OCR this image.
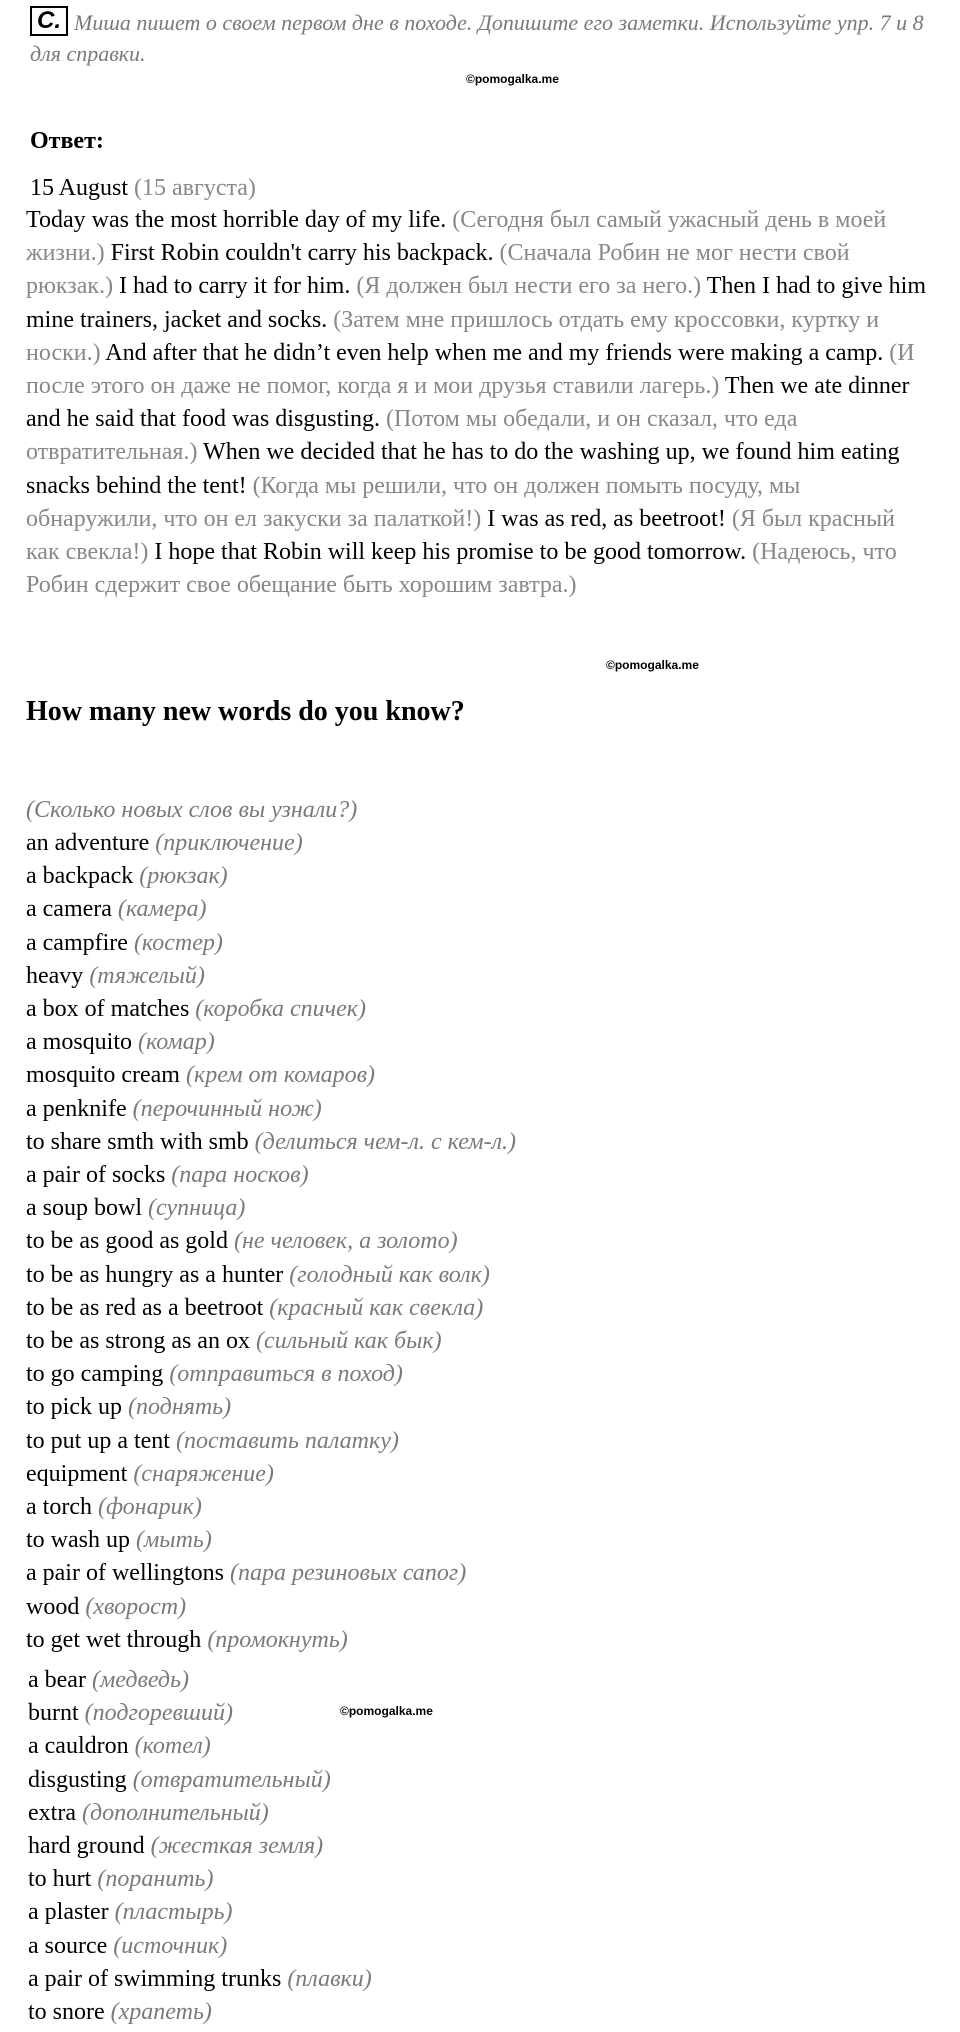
C. Миша пишет о своем первом дне в походе. Допишите его заметки. Используйте упр. 7 и 8 для справки.
©pomogalka.me
Ответ:
15 August (15 августа)
Today was the most horrible day of my life. (Сегодня был самый ужасный день в моей жизни.) First Robin couldn't carry his backpack. (Сначала Робин не мог нести свой рюкзак.) I had to carry it for him. (Я должен был нести его за него.) Then I had to give him mine trainers, jacket and socks. (Затем мне пришлось отдать ему кроссовки, куртку и носки.) And after that he didn’t even help when me and my friends were making a camp. (И после этого он даже не помог, когда я и мои друзья ставили лагерь.) Then we ate dinner and he said that food was disgusting. (Потом мы обедали, и он сказал, что еда отвратительная.) When we decided that he has to do the washing up, we found him eating snacks behind the tent! (Когда мы решили, что он должен помыть посуду, мы обнаружили, что он ел закуски за палаткой!) I was as red, as beetroot! (Я был красный как свекла!) I hope that Robin will keep his promise to be good tomorrow. (Надеюсь, что Робин сдержит свое обещание быть хорошим завтра.)
©pomogalka.me
How many new words do you know?
(Сколько новых слов вы узнали?)
an adventure (приключение)
a backpack (рюкзак)
a camera (камера)
a campfire (костер)
heavy (тяжелый)
a box of matches (коробка спичек)
a mosquito (комар)
mosquito cream (крем от комаров)
a penknife (перочинный нож)
to share smth with smb (делиться чем-л. с кем-л.)
a pair of socks (пара носков)
a soup bowl (супница)
to be as good as gold (не человек, а золото)
to be as hungry as a hunter (голодный как волк)
to be as red as a beetroot (красный как свекла)
to be as strong as an ox (сильный как бык)
to go camping (отправиться в поход)
to pick up (поднять)
to put up a tent (поставить палатку)
equipment (снаряжение)
a torch (фонарик)
to wash up (мыть)
a pair of wellingtons (пара резиновых сапог)
wood (хворост)
to get wet through (промокнуть)
a bear (медведь)
burnt (подгоревший)
a cauldron (котел)
disgusting (отвратительный)
extra (дополнительный)
hard ground (жесткая земля)
to hurt (поранить)
a plaster (пластырь)
a source (источник)
a pair of swimming trunks (плавки)
to snore (храпеть)
©pomogalka.me
